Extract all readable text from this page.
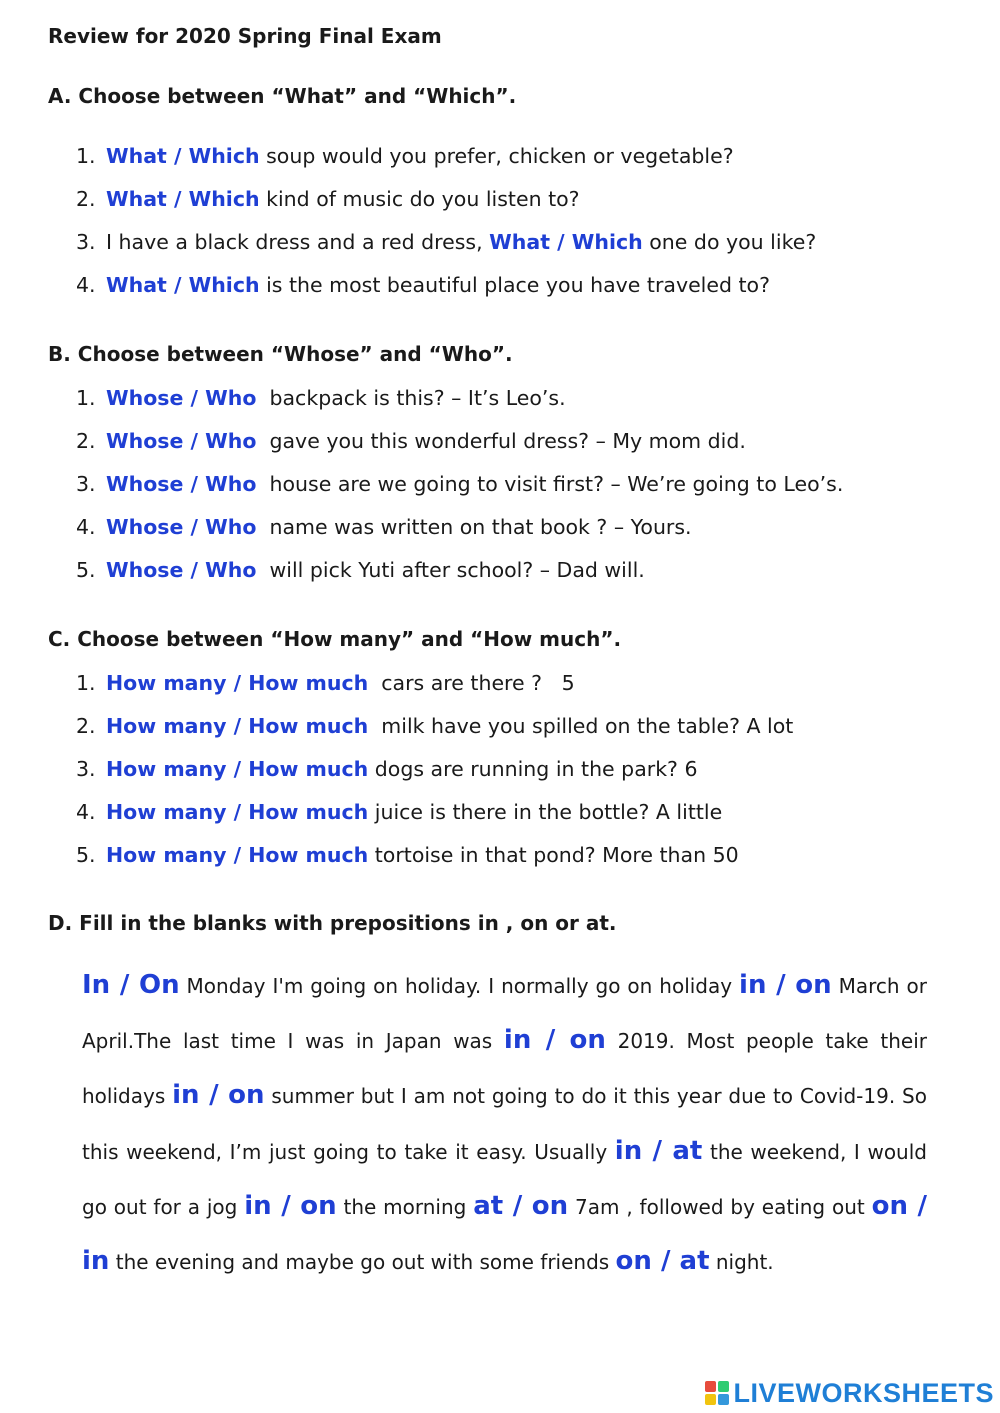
Review for 2020 Spring Final Exam
A. Choose between “What” and “Which”.
1. What / Which soup would you prefer, chicken or vegetable?
2. What / Which kind of music do you listen to?
3. I have a black dress and a red dress, What / Which one do you like?
4. What / Which is the most beautiful place you have traveled to?
B. Choose between “Whose” and “Who”.
1. Whose / Who  backpack is this? – It’s Leo’s.
2. Whose / Who  gave you this wonderful dress? – My mom did.
3. Whose / Who  house are we going to visit first? – We’re going to Leo’s.
4. Whose / Who  name was written on that book ? – Yours.
5. Whose / Who  will pick Yuti after school? – Dad will.
C. Choose between “How many” and “How much”.
1. How many / How much  cars are there ?   5
2. How many / How much  milk have you spilled on the table? A lot
3. How many / How much dogs are running in the park? 6
4. How many / How much juice is there in the bottle? A little
5. How many / How much tortoise in that pond? More than 50
D. Fill in the blanks with prepositions in , on or at.
In / On Monday I'm going on holiday. I normally go on holiday in / on March or April.The last time I was in Japan was in / on 2019. Most people take their holidays in / on summer but I am not going to do it this year due to Covid-19. So this weekend, I’m just going to take it easy. Usually in / at the weekend, I would go out for a jog in / on the morning at / on 7am , followed by eating out on / in the evening and maybe go out with some friends on / at night.
LIVEWORKSHEETS
